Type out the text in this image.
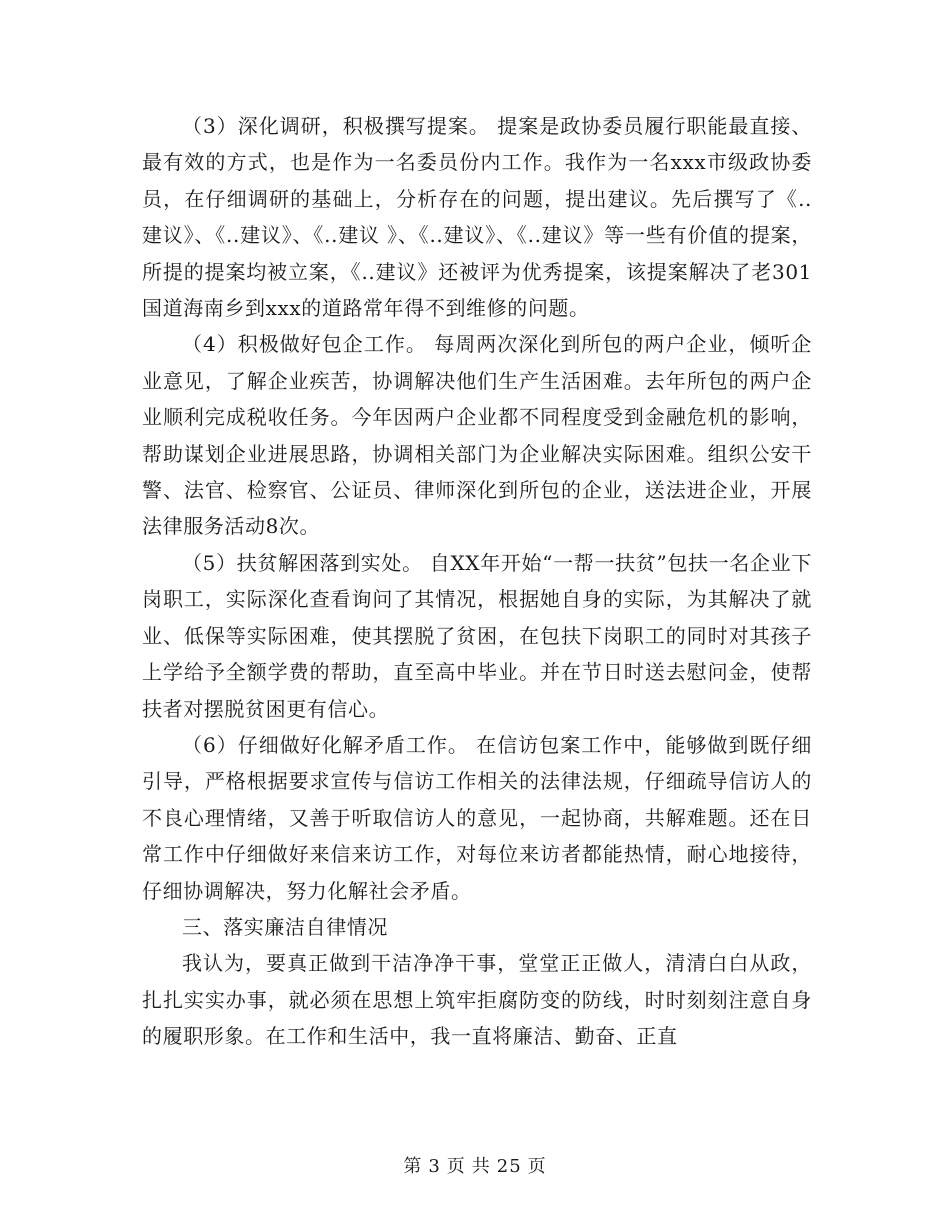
（3）深化调研，积极撰写提案。 提案是政协委员履行职能最直接、最有效的方式，也是作为一名委员份内工作。我作为一名xxx市级政协委员，在仔细调研的基础上，分析存在的问题，提出建议。先后撰写了《..建议》、《..建议》、《..建议 》、《..建议》、《..建议》等一些有价值的提案，所提的提案均被立案，《..建议》还被评为优秀提案，该提案解决了老301国道海南乡到xxx的道路常年得不到维修的问题。

（4）积极做好包企工作。 每周两次深化到所包的两户企业，倾听企业意见，了解企业疾苦，协调解决他们生产生活困难。去年所包的两户企业顺利完成税收任务。今年因两户企业都不同程度受到金融危机的影响，帮助谋划企业进展思路，协调相关部门为企业解决实际困难。组织公安干警、法官、检察官、公证员、律师深化到所包的企业，送法进企业，开展法律服务活动8次。

（5）扶贫解困落到实处。 自XX年开始“一帮一扶贫”包扶一名企业下岗职工，实际深化查看询问了其情况，根据她自身的实际，为其解决了就业、低保等实际困难，使其摆脱了贫困，在包扶下岗职工的同时对其孩子上学给予全额学费的帮助，直至高中毕业。并在节日时送去慰问金，使帮扶者对摆脱贫困更有信心。

（6）仔细做好化解矛盾工作。 在信访包案工作中，能够做到既仔细引导，严格根据要求宣传与信访工作相关的法律法规，仔细疏导信访人的不良心理情绪，又善于听取信访人的意见，一起协商，共解难题。还在日常工作中仔细做好来信来访工作，对每位来访者都能热情，耐心地接待，仔细协调解决，努力化解社会矛盾。

三、落实廉洁自律情况

我认为，要真正做到干洁净净干事，堂堂正正做人，清清白白从政，扎扎实实办事，就必须在思想上筑牢拒腐防变的防线，时时刻刻注意自身的履职形象。在工作和生活中，我一直将廉洁、勤奋、正直

第 3 页 共 25 页
